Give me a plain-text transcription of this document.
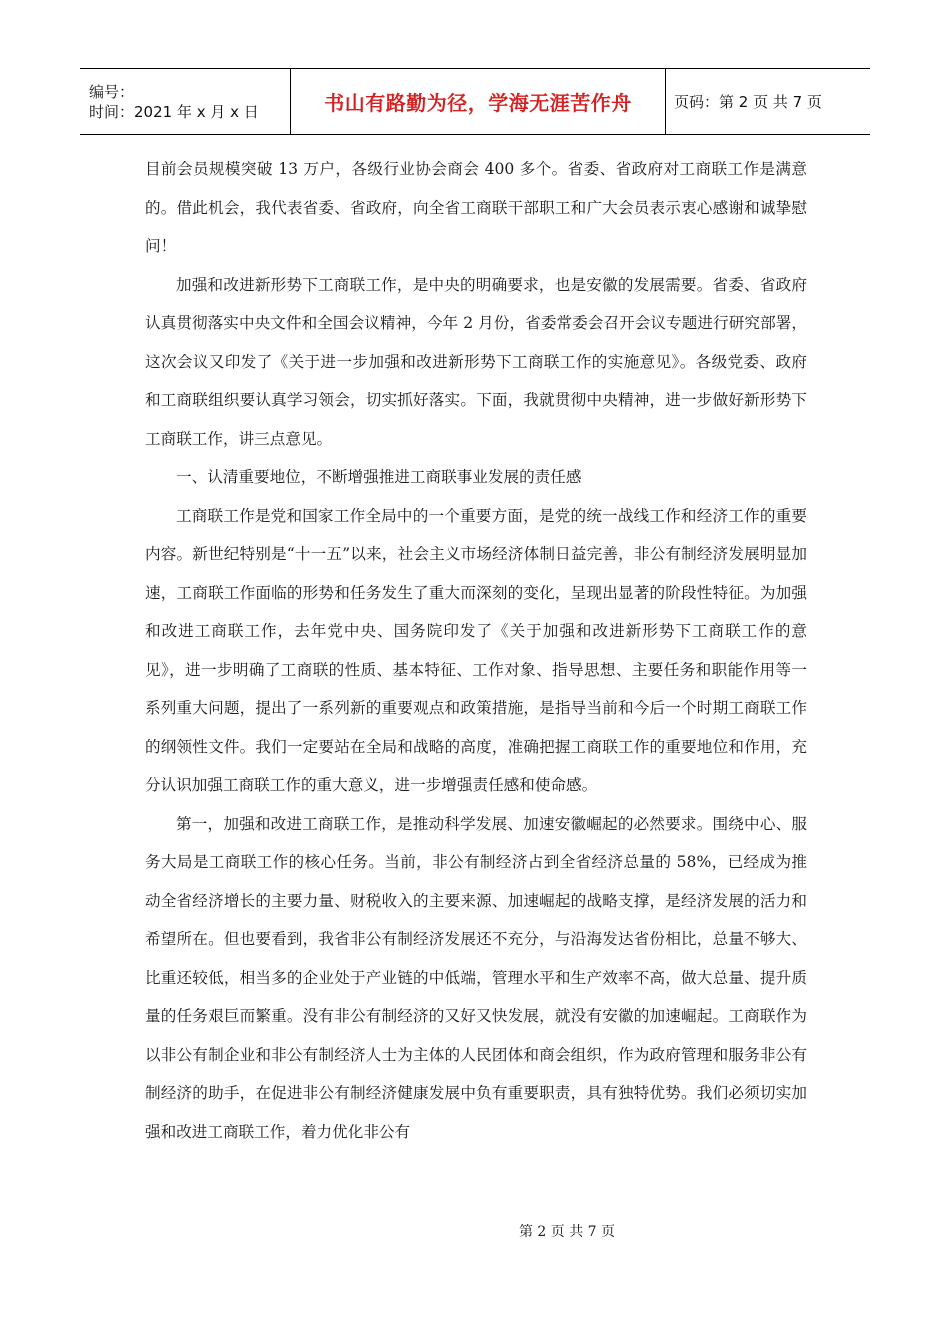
编号：
时间：2021 年 x 月 x 日	书山有路勤为径，学海无涯苦作舟	页码：第 2 页 共 7 页

目前会员规模突破 13 万户，各级行业协会商会 400 多个。省委、省政府对工商联工作是满意的。借此机会，我代表省委、省政府，向全省工商联干部职工和广大会员表示衷心感谢和诚挚慰问！

加强和改进新形势下工商联工作，是中央的明确要求，也是安徽的发展需要。省委、省政府认真贯彻落实中央文件和全国会议精神，今年 2 月份，省委常委会召开会议专题进行研究部署，这次会议又印发了《关于进一步加强和改进新形势下工商联工作的实施意见》。各级党委、政府和工商联组织要认真学习领会，切实抓好落实。下面，我就贯彻中央精神，进一步做好新形势下工商联工作，讲三点意见。

一、认清重要地位，不断增强推进工商联事业发展的责任感

工商联工作是党和国家工作全局中的一个重要方面，是党的统一战线工作和经济工作的重要内容。新世纪特别是“十一五”以来，社会主义市场经济体制日益完善，非公有制经济发展明显加速，工商联工作面临的形势和任务发生了重大而深刻的变化，呈现出显著的阶段性特征。为加强和改进工商联工作，去年党中央、国务院印发了《关于加强和改进新形势下工商联工作的意见》，进一步明确了工商联的性质、基本特征、工作对象、指导思想、主要任务和职能作用等一系列重大问题，提出了一系列新的重要观点和政策措施，是指导当前和今后一个时期工商联工作的纲领性文件。我们一定要站在全局和战略的高度，准确把握工商联工作的重要地位和作用，充分认识加强工商联工作的重大意义，进一步增强责任感和使命感。

第一，加强和改进工商联工作，是推动科学发展、加速安徽崛起的必然要求。围绕中心、服务大局是工商联工作的核心任务。当前，非公有制经济占到全省经济总量的 58%，已经成为推动全省经济增长的主要力量、财税收入的主要来源、加速崛起的战略支撑，是经济发展的活力和希望所在。但也要看到，我省非公有制经济发展还不充分，与沿海发达省份相比，总量不够大、比重还较低，相当多的企业处于产业链的中低端，管理水平和生产效率不高，做大总量、提升质量的任务艰巨而繁重。没有非公有制经济的又好又快发展，就没有安徽的加速崛起。工商联作为以非公有制企业和非公有制经济人士为主体的人民团体和商会组织，作为政府管理和服务非公有制经济的助手，在促进非公有制经济健康发展中负有重要职责，具有独特优势。我们必须切实加强和改进工商联工作，着力优化非公有

第 2 页 共 7 页
